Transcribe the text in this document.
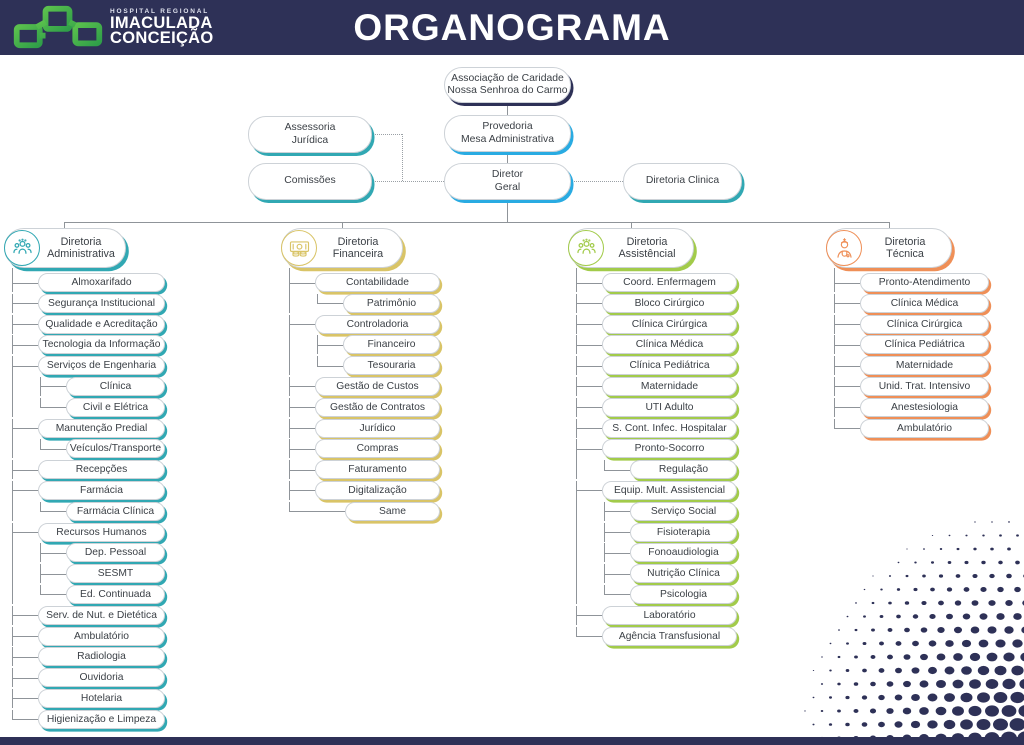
HOSPITAL REGIONAL
IMACULADA
CONCEIÇÃO	ORGANOGRAMA
Associação de Caridade
Nossa Senhroa do Carmo
Provedoria
Mesa Administrativa
Assessoria
Jurídica
Comissões
Diretor
Geral
Diretoria Clinica
Diretoria
Administrativa
Almoxarifado
Segurança Institucional
Qualidade e Acreditação
Tecnologia da Informação
Serviços de Engenharia
Clínica
Civil e Elétrica
Manutenção Predial
Veículos/Transporte
Recepções
Farmácia
Farmácia Clínica
Recursos Humanos
Dep. Pessoal
SESMT
Ed. Continuada
Serv. de Nut. e Dietética
Ambulatório
Radiologia
Ouvidoria
Hotelaria
Higienização e Limpeza
Diretoria
Financeira
Contabilidade
Patrimônio
Controladoria
Financeiro
Tesouraria
Gestão de Custos
Gestão de Contratos
Jurídico
Compras
Faturamento
Digitalização
Same
Diretoria
Assistêncial
Coord. Enfermagem
Bloco Cirúrgico
Clínica Cirúrgica
Clínica Médica
Clínica Pediátrica
Maternidade
UTI Adulto
S. Cont. Infec. Hospitalar
Pronto-Socorro
Regulação
Equip. Mult. Assistencial
Serviço Social
Fisioterapia
Fonoaudiologia
Nutrição Clínica
Psicologia
Laboratório
Agência Transfusional
Diretoria
Técnica
Pronto-Atendimento
Clínica Médica
Clínica Cirúrgica
Clínica Pediátrica
Maternidade
Unid. Trat. Intensivo
Anestesiologia
Ambulatório
